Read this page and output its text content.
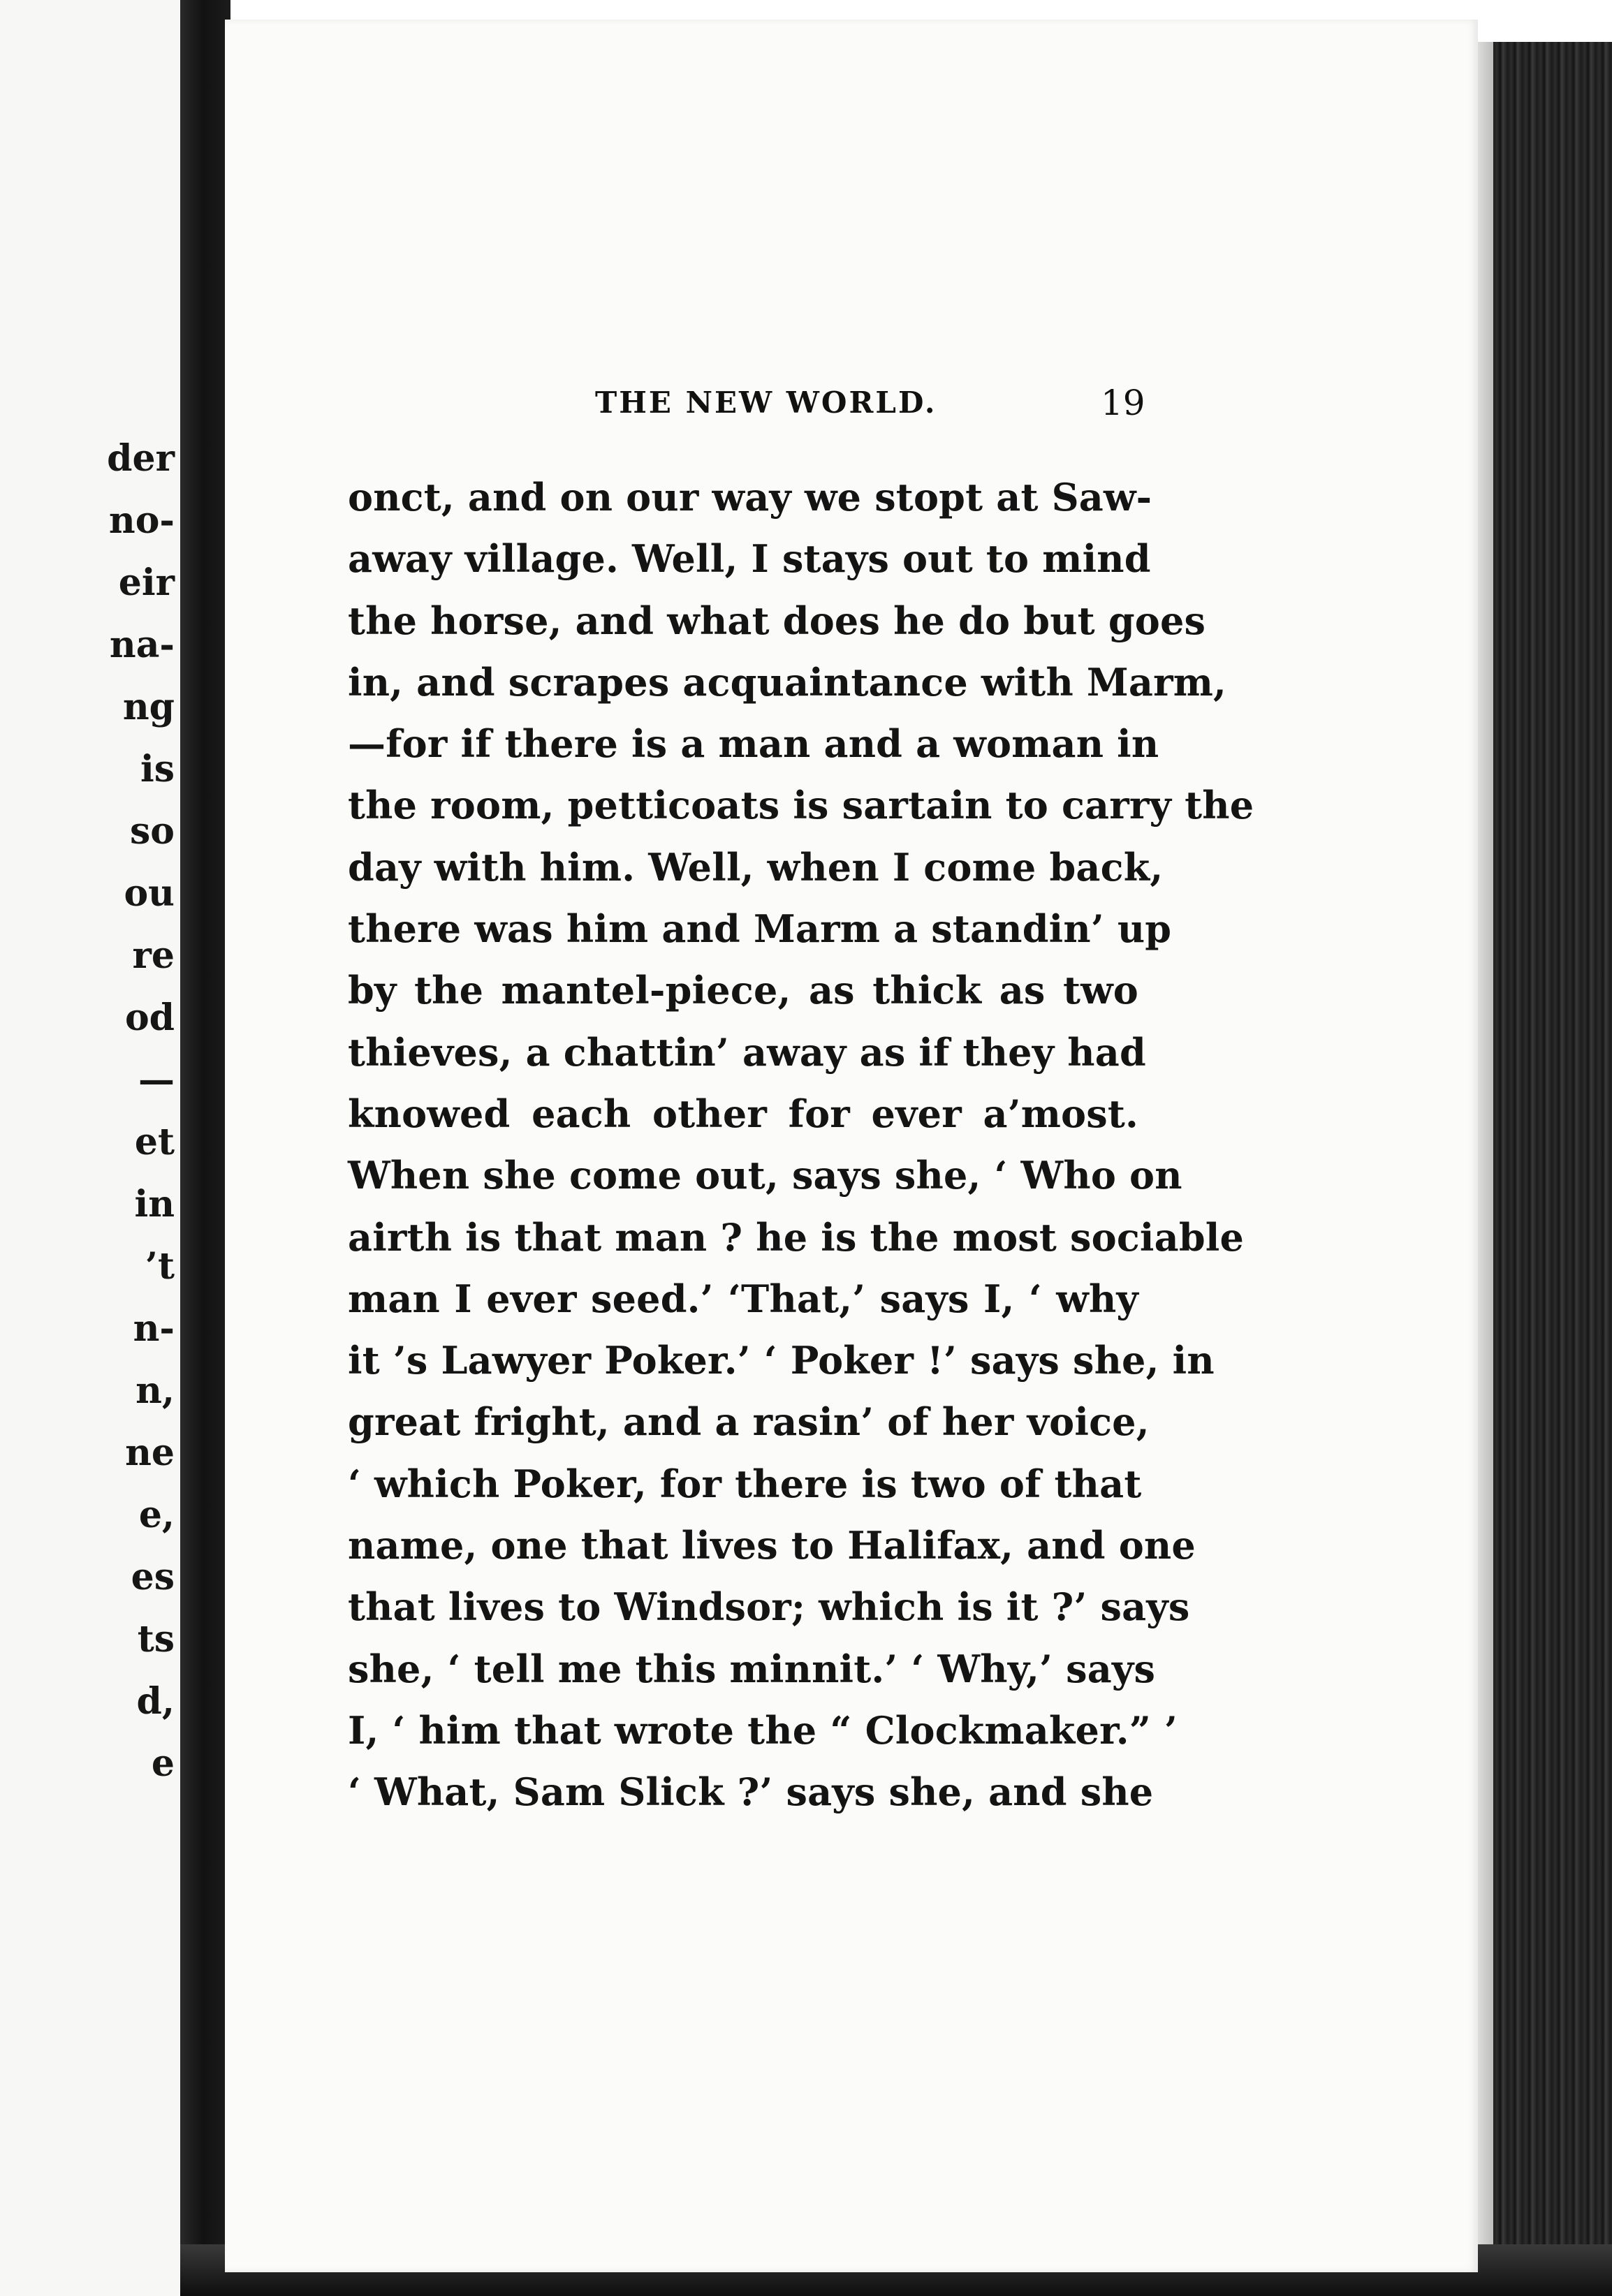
der
no-
eir
na-
ng
is
so
ou
re
od
—
et
in
’t
n-
n,
ne
e,
es
ts
d,
e
THE NEW WORLD.	19
onct, and on our way we stopt at Saw-
away village. Well, I stays out to mind
the horse, and what does he do but goes
in, and scrapes acquaintance with Marm,
—for if there is a man and a woman in
the room, petticoats is sartain to carry the
day with him. Well, when I come back,
there was him and Marm a standin’ up
by the mantel-piece, as thick as two
thieves, a chattin’ away as if they had
knowed each other for ever a’most.
When she come out, says she, ‘ Who on
airth is that man ? he is the most sociable
man I ever seed.’ ‘That,’ says I, ‘ why
it ’s Lawyer Poker.’ ‘ Poker !’ says she, in
great fright, and a rasin’ of her voice,
‘ which Poker, for there is two of that
name, one that lives to Halifax, and one
that lives to Windsor; which is it ?’ says
she, ‘ tell me this minnit.’ ‘ Why,’ says
I, ‘ him that wrote the “ Clockmaker.” ’
‘ What, Sam Slick ?’ says she, and she
